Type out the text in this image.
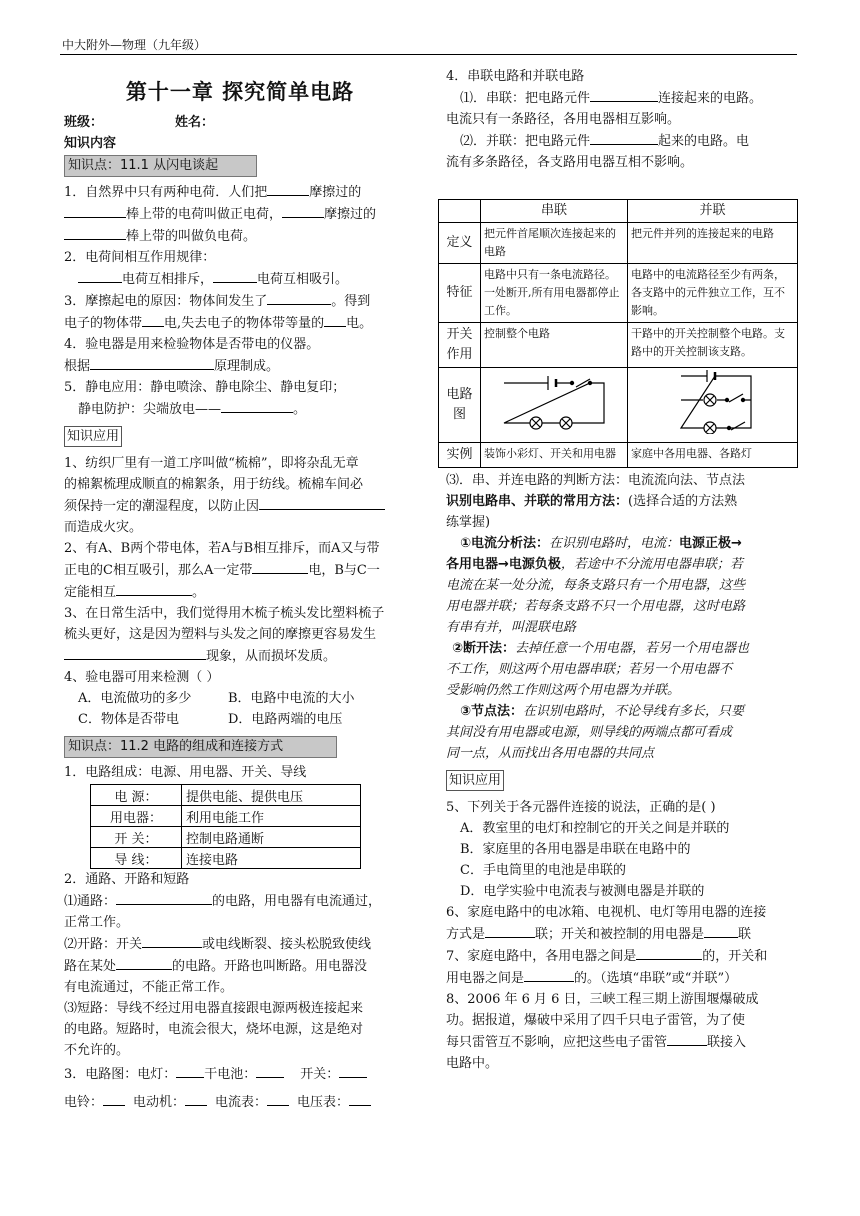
中大附外—物理（九年级）
第十一章 探究简单电路

班级：	姓名：

知识内容

知识点：11.1 从闪电谈起

1．自然界中只有两种电荷．人们把	摩擦过的

棒上带的电荷叫做正电荷，	摩擦过的

棒上带的叫做负电荷。

2．电荷间相互作用规律：

电荷互相排斥，	电荷互相吸引。

3．摩擦起电的原因：物体间发生了	。得到

电子的物体带 电,失去电子的物体带等量的 电。

4．验电器是用来检验物体是否带电的仪器。

根据	原理制成。

5．静电应用：静电喷涂、静电除尘、静电复印；

静电防护：尖端放电——	。

知识应用

1、纺织厂里有一道工序叫做“梳棉”，即将杂乱无章

的棉絮梳理成顺直的棉絮条，用于纺线。梳棉车间必

须保持一定的潮湿程度，以防止因

而造成火灾。

2、有A、B两个带电体，若A与B相互排斥，而A又与带

正电的C相互吸引，那么A一定带	电，B与C一

定能相互	。

3、在日常生活中，我们觉得用木梳子梳头发比塑料梳子

梳头更好，这是因为塑料与头发之间的摩擦更容易发生

现象，从而损坏发质。

4、验电器可用来检测（ ）

A．电流做功的多少	B．电路中电流的大小

C．物体是否带电	D．电路两端的电压

知识点：11.2 电路的组成和连接方式

1．电路组成：电源、用电器、开关、导线

电 源：	提供电能、提供电压
用电器：	利用电能工作
开 关：	控制电路通断
导 线：	连接电路

2．通路、开路和短路

⑴通路：	的电路，用电器有电流通过，

正常工作。

⑵开路：开关	或电线断裂、接头松脱致使线

路在某处	的电路。开路也叫断路。用电器没

有电流通过，不能正常工作。

⑶短路：导线不经过用电器直接跟电源两极连接起来

的电路。短路时，电流会很大，烧坏电源，这是绝对

不允许的。

3．电路图：电灯： 干电池：	开关：

电铃： 电动机： 电流表： 电压表：

4．串联电路和并联电路

⑴．串联：把电路元件	连接起来的电路。

电流只有一条路径，各用电器相互影响。

⑵．并联：把电路元件	起来的电路。电

流有多条路径，各支路用电器互相不影响。

	串联	并联
定义	把元件首尾顺次连接起来的电路	把元件并列的连接起来的电路
特征	电路中只有一条电流路径。一处断开,所有用电器都停止工作。	电路中的电流路径至少有两条，各支路中的元件独立工作，互不影响。
开关作用	控制整个电路	干路中的开关控制整个电路。支路中的开关控制该支路。
电路图		
实例	装饰小彩灯、开关和用电器	家庭中各用电器、各路灯

⑶．串、并连电路的判断方法：电流流向法、节点法

识别电路串、并联的常用方法：(选择合适的方法熟

练掌握)

①电流分析法：在识别电路时，电流：电源正极→

各用电器→电源负极，若途中不分流用电器串联；若

电流在某一处分流，每条支路只有一个用电器，这些

用电器并联；若每条支路不只一个用电器，这时电路

有串有并，叫混联电路

②断开法：去掉任意一个用电器，若另一个用电器也

不工作，则这两个用电器串联；若另一个用电器不

受影响仍然工作则这两个用电器为并联。

③节点法：在识别电路时，不论导线有多长，只要

其间没有用电器或电源，则导线的两端点都可看成

同一点，从而找出各用电器的共同点

知识应用

5、下列关于各元器件连接的说法，正确的是( )

A．教室里的电灯和控制它的开关之间是并联的

B．家庭里的各用电器是串联在电路中的

C．手电筒里的电池是串联的

D．电学实验中电流表与被测电器是并联的

6、家庭电路中的电冰箱、电视机、电灯等用电器的连接

方式是	联；开关和被控制的用电器是	联

7、家庭电路中，各用电器之间是	的，开关和

用电器之间是	的。（选填“串联”或“并联”）

8、2006 年 6 月 6 日，三峡工程三期上游围堰爆破成

功。据报道，爆破中采用了四千只电子雷管，为了使

每只雷管互不影响，应把这些电子雷管	联接入

电路中。
